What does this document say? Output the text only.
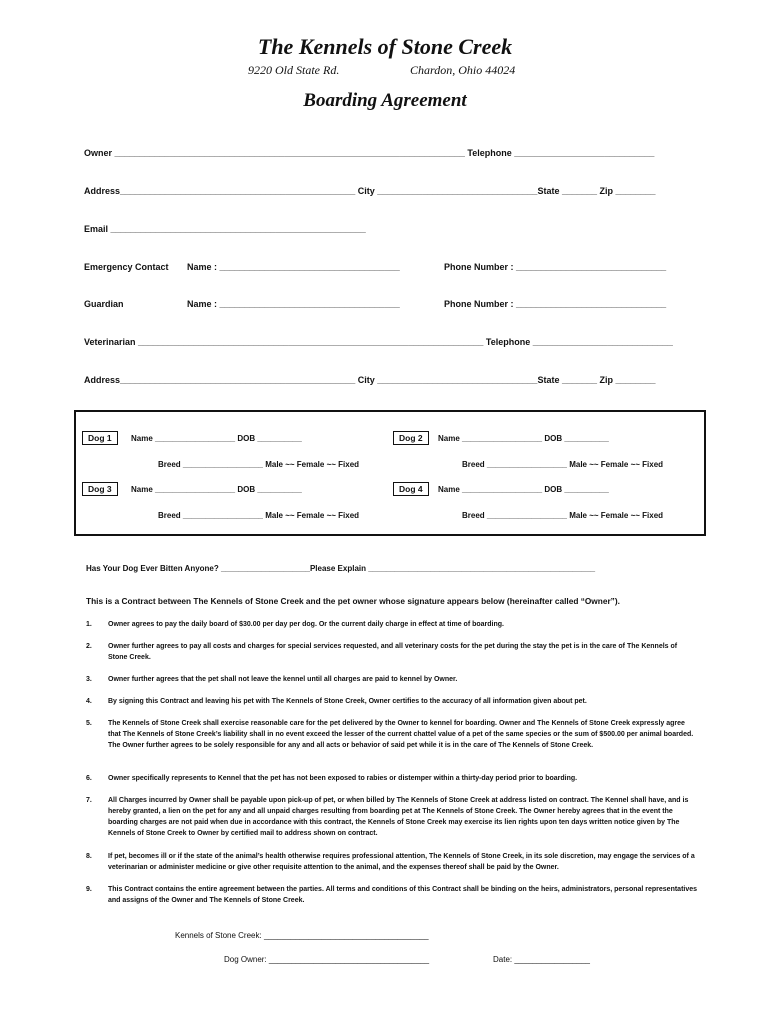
The Kennels of Stone Creek
9220 Old State Rd.	Chardon, Ohio 44024
Boarding Agreement
Owner ______________________________________________________________________ Telephone ____________________________
Address_______________________________________________ City ________________________________State _______ Zip ________
Email ___________________________________________________
Emergency Contact Name : ____________________________________	Phone Number : ______________________________
Guardian	Name : ____________________________________	Phone Number : ______________________________
Veterinarian _____________________________________________________________________ Telephone ____________________________
Address_______________________________________________ City ________________________________State _______ Zip ________
Dog 1	Name __________________ DOB __________
Breed __________________ Male ~~ Female ~~ Fixed
Dog 2	Name __________________ DOB __________
Breed __________________ Male ~~ Female ~~ Fixed
Dog 3	Name __________________ DOB __________
Breed __________________ Male ~~ Female ~~ Fixed
Dog 4	Name __________________ DOB __________
Breed __________________ Male ~~ Female ~~ Fixed
Has Your Dog Ever Bitten Anyone? ____________________Please Explain ___________________________________________________
This is a Contract between The Kennels of Stone Creek and the pet owner whose signature appears below (hereinafter called “Owner”).
1. Owner agrees to pay the daily board of $30.00 per day per dog. Or the current daily charge in effect at time of boarding.
2. Owner further agrees to pay all costs and charges for special services requested, and all veterinary costs for the pet during the stay the pet is in the care of The Kennels of Stone Creek.
3. Owner further agrees that the pet shall not leave the kennel until all charges are paid to kennel by Owner.
4. By signing this Contract and leaving his pet with The Kennels of Stone Creek, Owner certifies to the accuracy of all information given about pet.
5. The Kennels of Stone Creek shall exercise reasonable care for the pet delivered by the Owner to kennel for boarding. Owner and The Kennels of Stone Creek expressly agree that The Kennels of Stone Creek’s liability shall in no event exceed the lesser of the current chattel value of a pet of the same species or the sum of $500.00 per animal boarded. The Owner further agrees to be solely responsible for any and all acts or behavior of said pet while it is in the care of The Kennels of Stone Creek.
6. Owner specifically represents to Kennel that the pet has not been exposed to rabies or distemper within a thirty-day period prior to boarding.
7. All Charges incurred by Owner shall be payable upon pick-up of pet, or when billed by The Kennels of Stone Creek at address listed on contract. The Kennel shall have, and is hereby granted, a lien on the pet for any and all unpaid charges resulting from boarding pet at The Kennels of Stone Creek. The Owner hereby agrees that in the event the boarding charges are not paid when due in accordance with this contract, the Kennels of Stone Creek may exercise its lien rights upon ten days written notice given by The Kennels of Stone Creek to Owner by certified mail to address shown on contract.
8. If pet, becomes ill or if the state of the animal’s health otherwise requires professional attention, The Kennels of Stone Creek, in its sole discretion, may engage the services of a veterinarian or administer medicine or give other requisite attention to the animal, and the expenses thereof shall be paid by the Owner.
9. This Contract contains the entire agreement between the parties. All terms and conditions of this Contract shall be binding on the heirs, administrators, personal representatives and assigns of the Owner and The Kennels of Stone Creek.
Kennels of Stone Creek: _____________________________________
Dog Owner: ____________________________________	Date: _________________
